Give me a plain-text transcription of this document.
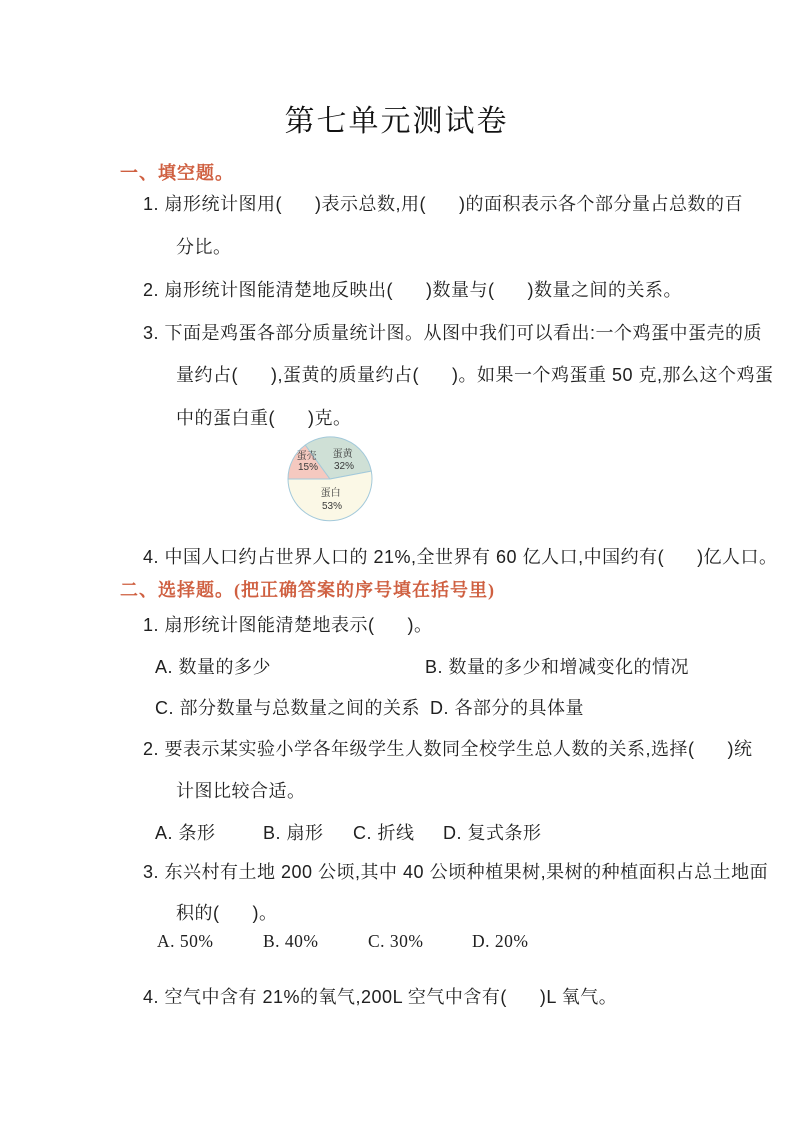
第七单元测试卷
一、填空题。
1. 扇形统计图用(      )表示总数,用(      )的面积表示各个部分量占总数的百
分比。
2. 扇形统计图能清楚地反映出(      )数量与(      )数量之间的关系。
3. 下面是鸡蛋各部分质量统计图。从图中我们可以看出:一个鸡蛋中蛋壳的质
量约占(      ),蛋黄的质量约占(      )。如果一个鸡蛋重 50 克,那么这个鸡蛋
中的蛋白重(      )克。
蛋壳 15%
蛋黄 32%
蛋白 53%
4. 中国人口约占世界人口的 21%,全世界有 60 亿人口,中国约有(      )亿人口。
二、选择题。(把正确答案的序号填在括号里)
1. 扇形统计图能清楚地表示(      )。
A. 数量的多少	B. 数量的多少和增减变化的情况
C. 部分数量与总数量之间的关系 D. 各部分的具体量
2. 要表示某实验小学各年级学生人数同全校学生总人数的关系,选择(      )统
计图比较合适。
A. 条形	B. 扇形 C. 折线 D. 复式条形
3. 东兴村有土地 200 公顷,其中 40 公顷种植果树,果树的种植面积占总土地面
积的(      )。
A. 50%	B. 40%	C. 30%	D. 20%
4. 空气中含有 21%的氧气,200L 空气中含有(      )L 氧气。
